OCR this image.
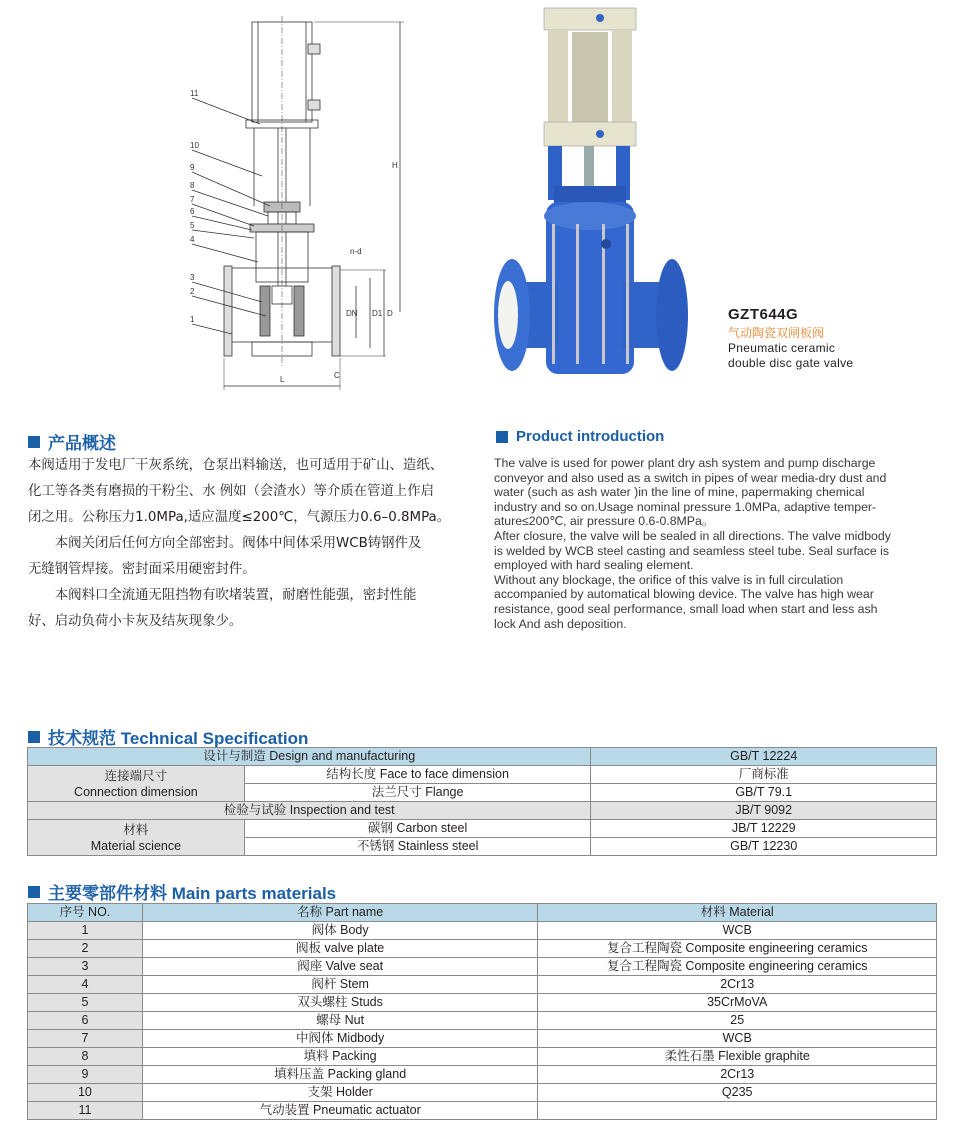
11
10
9
8
7
6
5
4
3
2
1
H
L	C
D
D1
DN
n-d
GZT644G
气动陶瓷双闸板阀
Pneumatic ceramic
double disc gate valve
产品概述

本阀适用于发电厂干灰系统，仓泵出料输送，也可适用于矿山、造纸、

化工等各类有磨损的干粉尘、水 例如（会渣水）等介质在管道上作启

闭之用。公称压力1.0MPa,适应温度≤200℃，气源压力0.6–0.8MPa。

本阀关闭后任何方向全部密封。阀体中间体采用WCB铸钢件及

无缝钢管焊接。密封面采用硬密封件。

本阀料口全流通无阻挡物有吹堵装置，耐磨性能强，密封性能

好、启动负荷小卡灰及结灰现象少。

Product introduction

The valve is used for power plant dry ash system and pump discharge

conveyor and also used as a switch in pipes of wear media-dry dust and

water (such as ash water )in the line of mine, papermaking chemical

industry and so on.Usage nominal pressure 1.0MPa, adaptive temper-

ature≤200℃, air pressure 0.6-0.8MPa。

After closure, the valve will be sealed in all directions. The valve midbody

is welded by WCB steel casting and seamless steel tube. Seal surface is

employed with hard sealing element.

Without any blockage, the orifice of this valve is in full circulation

accompanied by automatical blowing device. The valve has high wear

resistance, good seal performance, small load when start and less ash

lock And ash deposition.

技术规范 Technical Specification
设计与制造 Design and manufacturing		GB/T 12224

连接端尺寸
Connection dimension	结构长度 Face to face dimension	厂商标准
	法兰尺寸 Flange	GB/T 79.1
检验与试验 Inspection and test		JB/T 9092

材料
Material science	碳钢 Carbon steel	JB/T 12229
	不锈钢 Stainless steel	GB/T 12230
主要零部件材料 Main parts materials
序号 NO.	名称 Part name	材料 Material
1	阀体 Body	WCB
2	阀板 valve plate	复合工程陶瓷 Composite engineering ceramics
3	阀座 Valve seat	复合工程陶瓷 Composite engineering ceramics
4	阀杆 Stem	2Cr13
5	双头螺柱 Studs	35CrMoVA
6	螺母 Nut	25
7	中阀体 Midbody	WCB
8	填料 Packing	柔性石墨 Flexible graphite
9	填料压盖 Packing gland	2Cr13
10	支架 Holder	Q235
11	气动装置 Pneumatic actuator	
